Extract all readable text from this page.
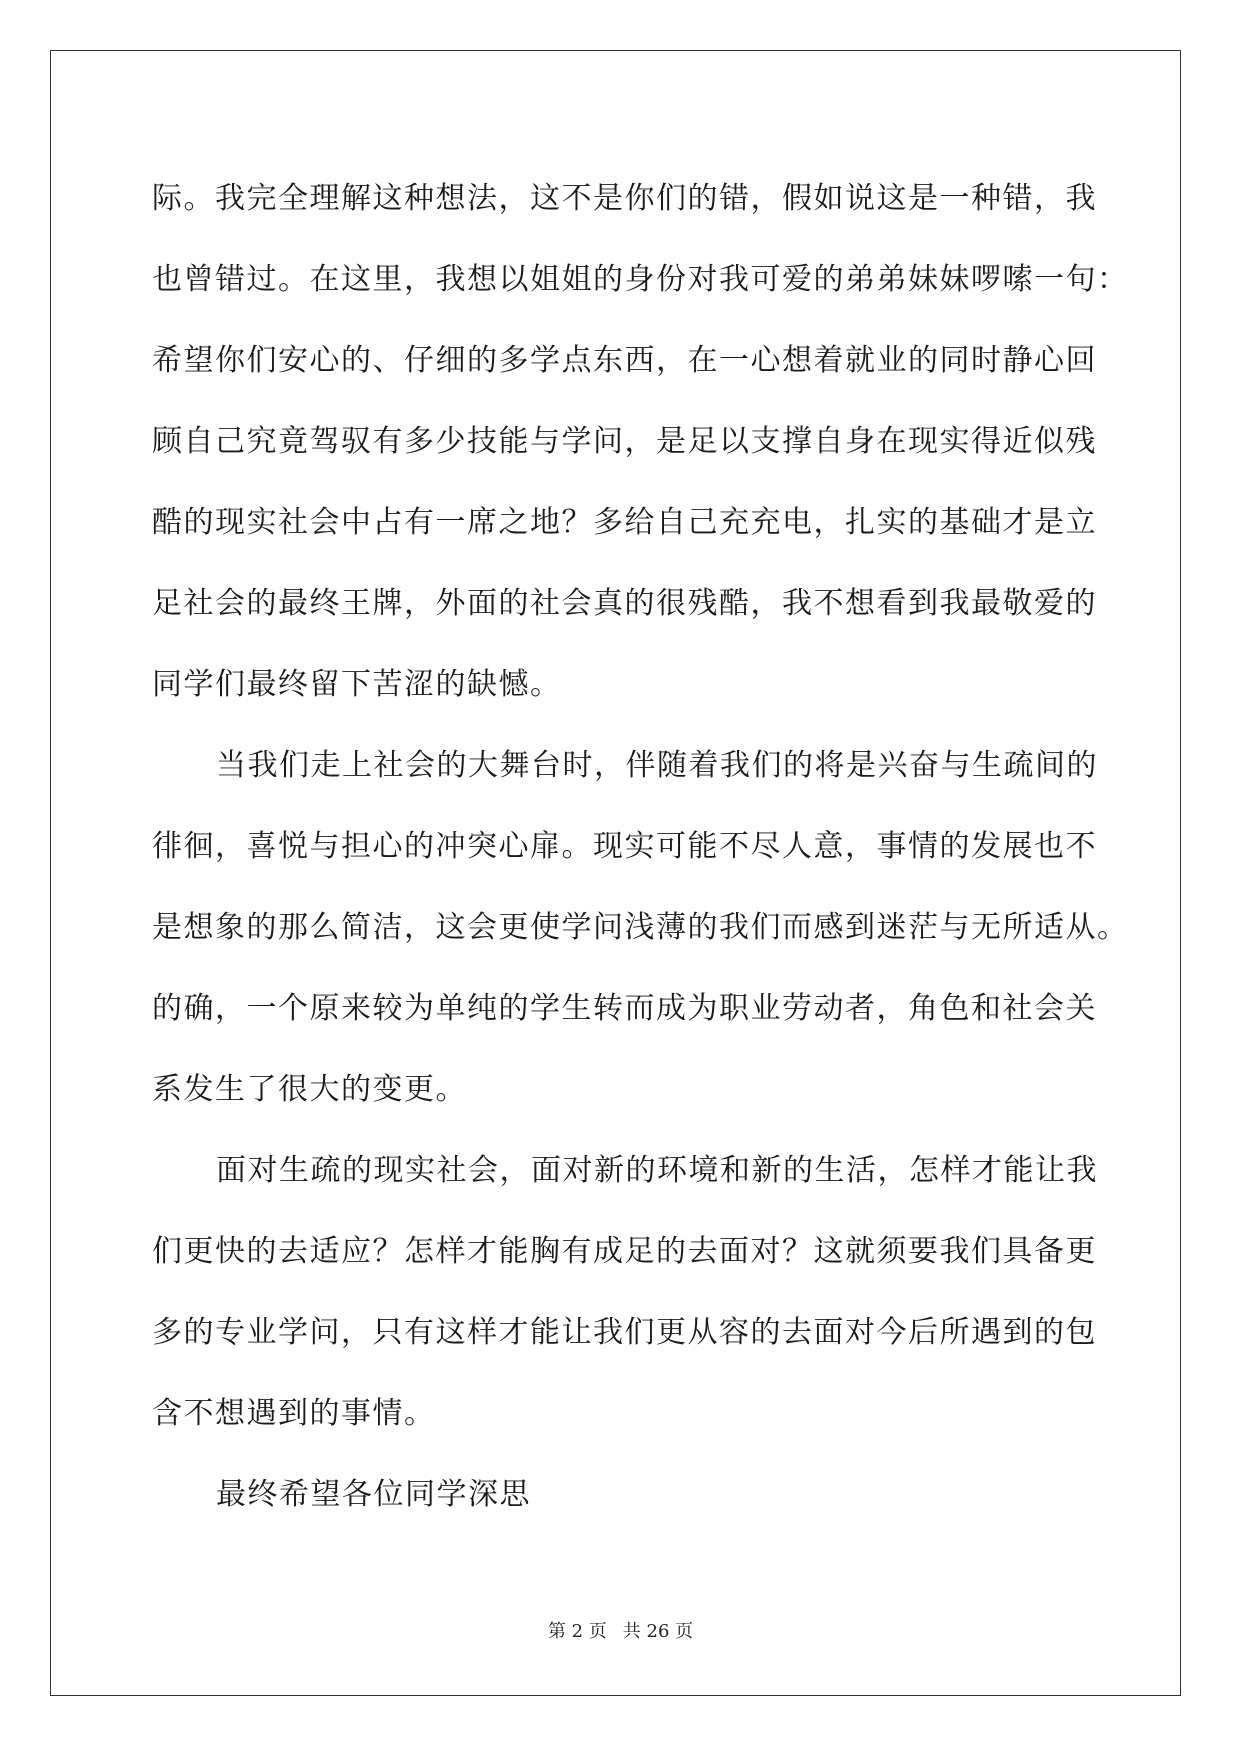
际。我完全理解这种想法，这不是你们的错，假如说这是一种错，我
也曾错过。在这里，我想以姐姐的身份对我可爱的弟弟妹妹啰嗦一句：
希望你们安心的、仔细的多学点东西，在一心想着就业的同时静心回
顾自己究竟驾驭有多少技能与学问，是足以支撑自身在现实得近似残
酷的现实社会中占有一席之地？多给自己充充电，扎实的基础才是立
足社会的最终王牌，外面的社会真的很残酷，我不想看到我最敬爱的
同学们最终留下苦涩的缺憾。

当我们走上社会的大舞台时，伴随着我们的将是兴奋与生疏间的
徘徊，喜悦与担心的冲突心扉。现实可能不尽人意，事情的发展也不
是想象的那么简洁，这会更使学问浅薄的我们而感到迷茫与无所适从。
的确，一个原来较为单纯的学生转而成为职业劳动者，角色和社会关
系发生了很大的变更。

面对生疏的现实社会，面对新的环境和新的生活，怎样才能让我
们更快的去适应？怎样才能胸有成足的去面对？这就须要我们具备更
多的专业学问，只有这样才能让我们更从容的去面对今后所遇到的包
含不想遇到的事情。

最终希望各位同学深思

第 2 页 共 26 页
